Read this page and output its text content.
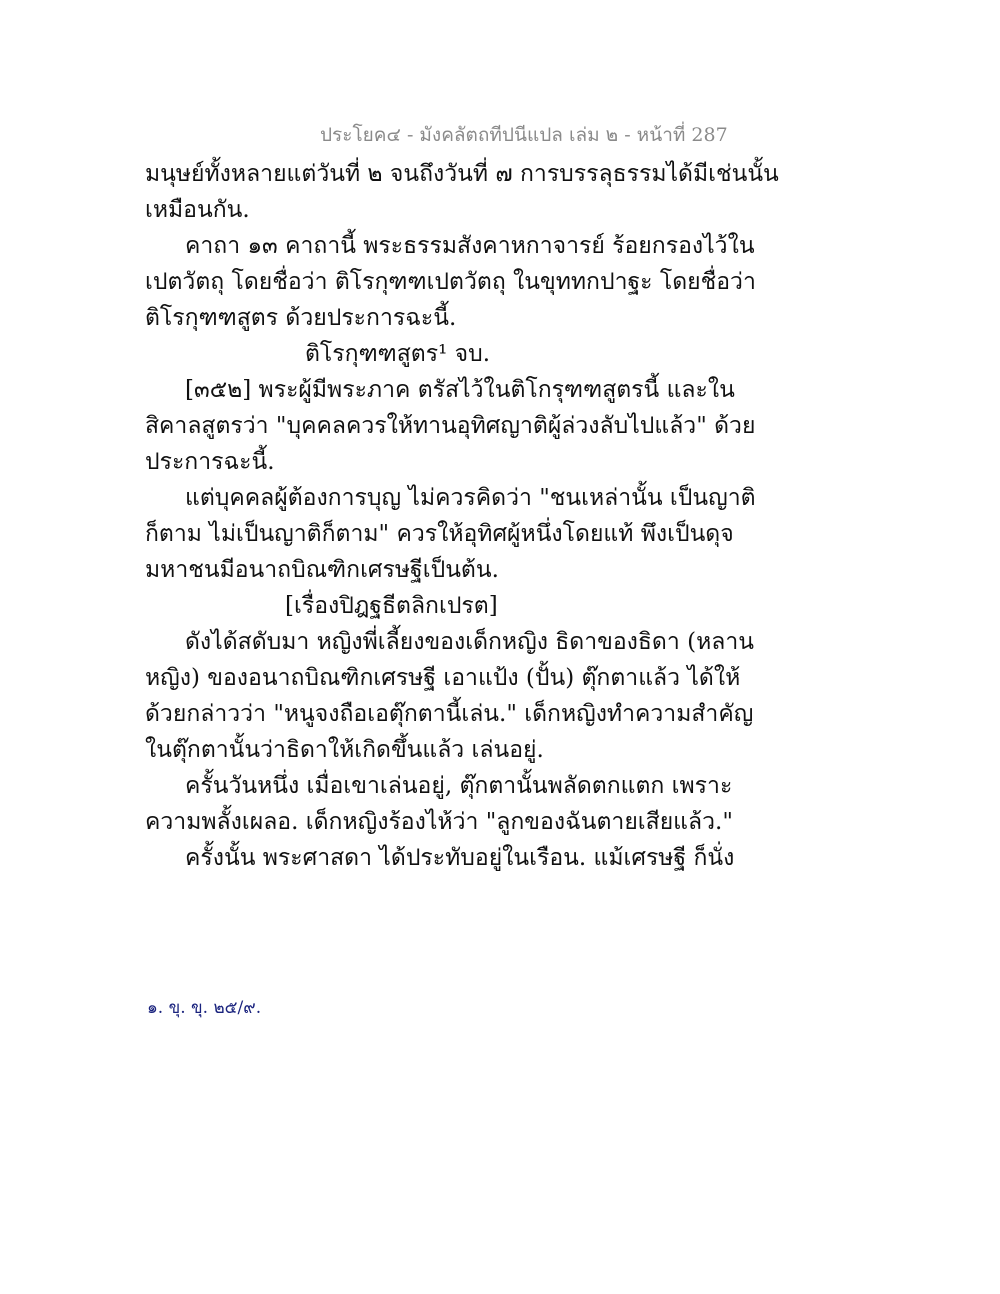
ประโยค๔ - มังคลัตถทีปนีแปล เล่ม ๒ - หน้าที่ 287
มนุษย์ทั้งหลายแต่วันที่ ๒ จนถึงวันที่ ๗ การบรรลุธรรมได้มีเช่นนั้น
เหมือนกัน.
คาถา ๑๓ คาถานี้ พระธรรมสังคาหกาจารย์ ร้อยกรองไว้ใน
เปตวัตถุ โดยชื่อว่า ติโรกุฑฑเปตวัตถุ ในขุททกปาฐะ โดยชื่อว่า
ติโรกุฑฑสูตร ด้วยประการฉะนี้.
ติโรกุฑฑสูตร¹ จบ.
[๓๕๒] พระผู้มีพระภาค ตรัสไว้ในติโกรุฑฑสูตรนี้ และใน
สิคาลสูตรว่า "บุคคลควรให้ทานอุทิศญาติผู้ล่วงลับไปแล้ว" ด้วย
ประการฉะนี้.
แต่บุคคลผู้ต้องการบุญ ไม่ควรคิดว่า "ชนเหล่านั้น เป็นญาติ
ก็ตาม ไม่เป็นญาติก็ตาม" ควรให้อุทิศผู้หนึ่งโดยแท้ พึงเป็นดุจ
มหาชนมีอนาถบิณฑิกเศรษฐีเป็นต้น.
[เรื่องปิฎฐธีตลิกเปรต]
ดังได้สดับมา หญิงพี่เลี้ยงของเด็กหญิง ธิดาของธิดา (หลาน
หญิง) ของอนาถบิณฑิกเศรษฐี เอาแป้ง (ปั้น) ตุ๊กตาแล้ว ได้ให้
ด้วยกล่าวว่า "หนูจงถือเอตุ๊กตานี้เล่น." เด็กหญิงทำความสำคัญ
ในตุ๊กตานั้นว่าธิดาให้เกิดขึ้นแล้ว เล่นอยู่.
ครั้นวันหนึ่ง เมื่อเขาเล่นอยู่, ตุ๊กตานั้นพลัดตกแตก เพราะ
ความพลั้งเผลอ. เด็กหญิงร้องไห้ว่า "ลูกของฉันตายเสียแล้ว."
ครั้งนั้น พระศาสดา ได้ประทับอยู่ในเรือน. แม้เศรษฐี ก็นั่ง
๑. ขุ. ขุ. ๒๕/๙.
